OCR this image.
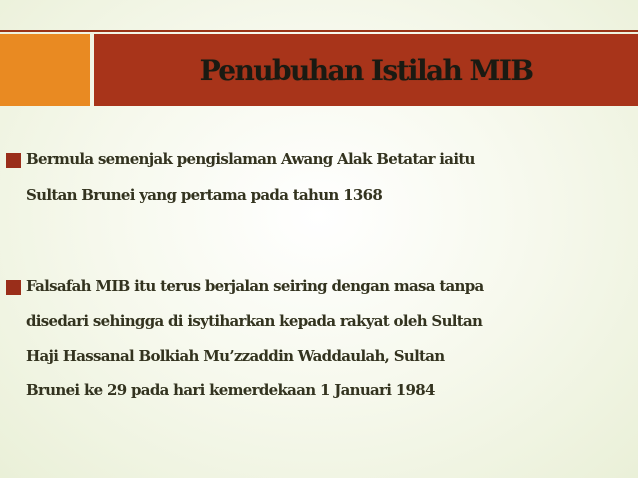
Penubuhan Istilah MIB
Bermula semenjak pengislaman Awang Alak Betatar iaitu
Sultan Brunei yang pertama pada tahun 1368
Falsafah MIB itu terus berjalan seiring dengan masa tanpa
disedari sehingga di isytiharkan kepada rakyat oleh Sultan
Haji Hassanal Bolkiah Mu’zzaddin Waddaulah, Sultan
Brunei ke 29 pada hari kemerdekaan 1 Januari 1984
